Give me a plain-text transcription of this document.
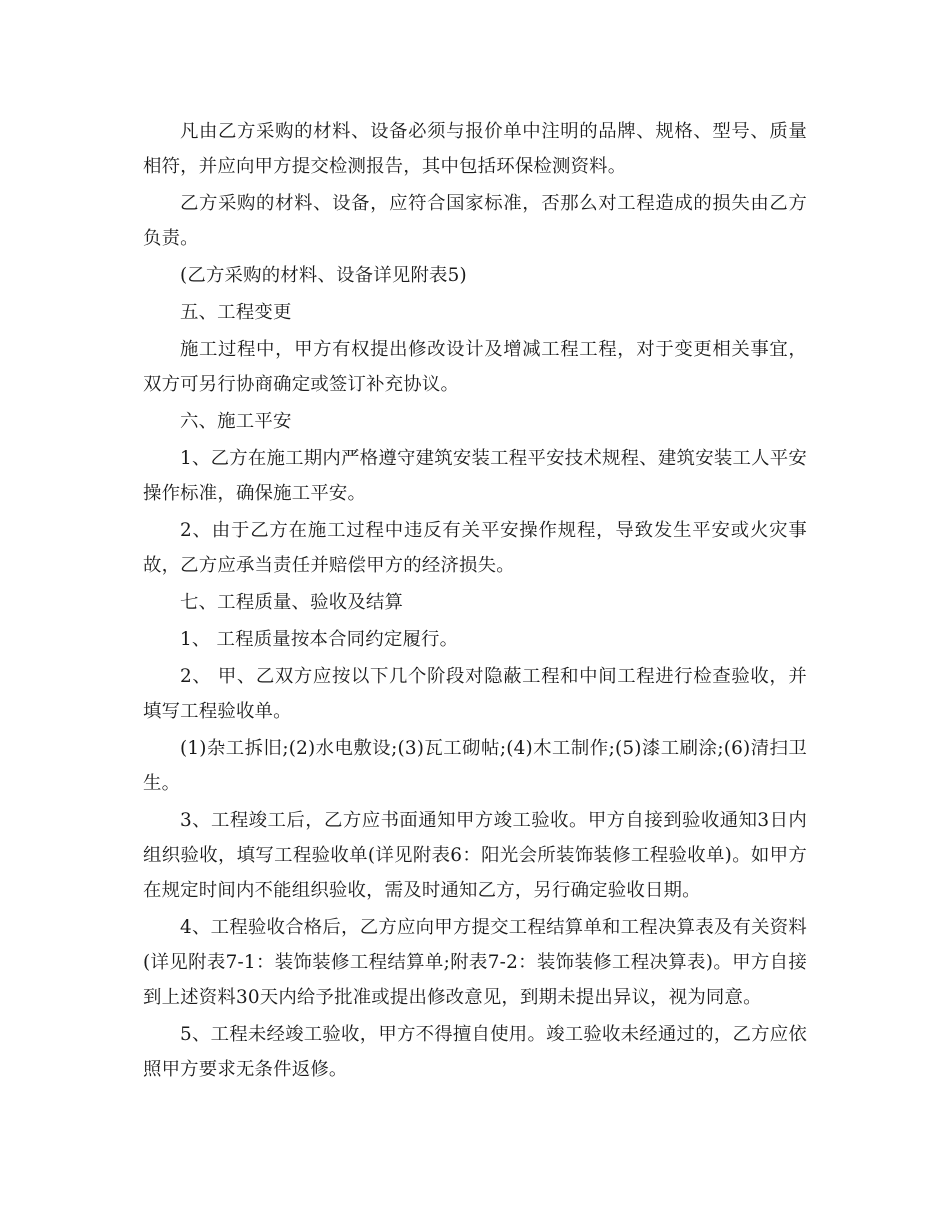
凡由乙方采购的材料、设备必须与报价单中注明的品牌、规格、型号、质量相符，并应向甲方提交检测报告，其中包括环保检测资料。

乙方采购的材料、设备，应符合国家标准，否那么对工程造成的损失由乙方负责。

(乙方采购的材料、设备详见附表5)

五、工程变更

施工过程中，甲方有权提出修改设计及增减工程工程，对于变更相关事宜，双方可另行协商确定或签订补充协议。

六、施工平安

1、乙方在施工期内严格遵守建筑安装工程平安技术规程、建筑安装工人平安操作标准，确保施工平安。

2、由于乙方在施工过程中违反有关平安操作规程，导致发生平安或火灾事故，乙方应承当责任并赔偿甲方的经济损失。

七、工程质量、验收及结算

1、 工程质量按本合同约定履行。

2、 甲、乙双方应按以下几个阶段对隐蔽工程和中间工程进行检查验收，并填写工程验收单。

(1)杂工拆旧;(2)水电敷设;(3)瓦工砌帖;(4)木工制作;(5)漆工刷涂;(6)清扫卫生。

3、工程竣工后，乙方应书面通知甲方竣工验收。甲方自接到验收通知3日内组织验收，填写工程验收单(详见附表6：阳光会所装饰装修工程验收单)。如甲方在规定时间内不能组织验收，需及时通知乙方，另行确定验收日期。

4、工程验收合格后，乙方应向甲方提交工程结算单和工程决算表及有关资料(详见附表7-1：装饰装修工程结算单;附表7-2：装饰装修工程决算表)。甲方自接到上述资料30天内给予批准或提出修改意见，到期未提出异议，视为同意。

5、工程未经竣工验收，甲方不得擅自使用。竣工验收未经通过的，乙方应依照甲方要求无条件返修。
